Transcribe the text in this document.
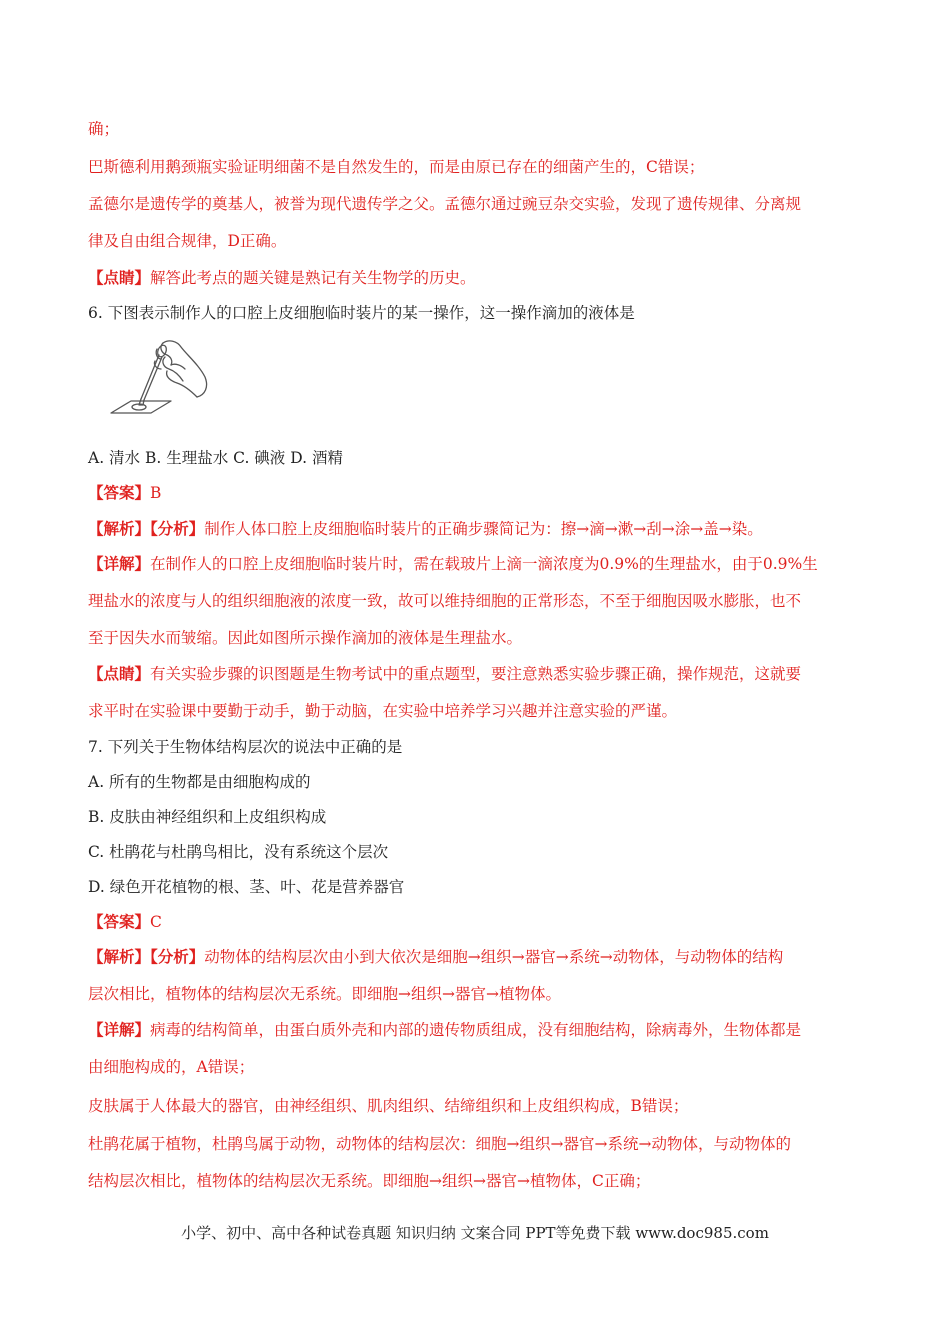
确；
巴斯德利用鹅颈瓶实验证明细菌不是自然发生的，而是由原已存在的细菌产生的，C错误；
孟德尔是遗传学的奠基人，被誉为现代遗传学之父。孟德尔通过豌豆杂交实验，发现了遗传规律、分离规
律及自由组合规律，D正确。
【点睛】解答此考点的题关键是熟记有关生物学的历史。
6. 下图表示制作人的口腔上皮细胞临时装片的某一操作，这一操作滴加的液体是
A. 清水 B. 生理盐水 C. 碘液 D. 酒精
【答案】B
【解析】【分析】制作人体口腔上皮细胞临时装片的正确步骤简记为：擦→滴→漱→刮→涂→盖→染。
【详解】在制作人的口腔上皮细胞临时装片时，需在载玻片上滴一滴浓度为0.9%的生理盐水，由于0.9%生
理盐水的浓度与人的组织细胞液的浓度一致，故可以维持细胞的正常形态，不至于细胞因吸水膨胀，也不
至于因失水而皱缩。因此如图所示操作滴加的液体是生理盐水。
【点睛】有关实验步骤的识图题是生物考试中的重点题型，要注意熟悉实验步骤正确，操作规范，这就要
求平时在实验课中要勤于动手，勤于动脑，在实验中培养学习兴趣并注意实验的严谨。
7. 下列关于生物体结构层次的说法中正确的是
A. 所有的生物都是由细胞构成的
B. 皮肤由神经组织和上皮组织构成
C. 杜鹃花与杜鹃鸟相比，没有系统这个层次
D. 绿色开花植物的根、茎、叶、花是营养器官
【答案】C
【解析】【分析】动物体的结构层次由小到大依次是细胞→组织→器官→系统→动物体，与动物体的结构
层次相比，植物体的结构层次无系统。即细胞→组织→器官→植物体。
【详解】病毒的结构简单，由蛋白质外壳和内部的遗传物质组成，没有细胞结构，除病毒外，生物体都是
由细胞构成的，A错误；
皮肤属于人体最大的器官，由神经组织、肌肉组织、结缔组织和上皮组织构成，B错误；
杜鹃花属于植物，杜鹃鸟属于动物，动物体的结构层次：细胞→组织→器官→系统→动物体，与动物体的
结构层次相比，植物体的结构层次无系统。即细胞→组织→器官→植物体，C正确；
小学、初中、高中各种试卷真题 知识归纳 文案合同 PPT等免费下载 www.doc985.com
